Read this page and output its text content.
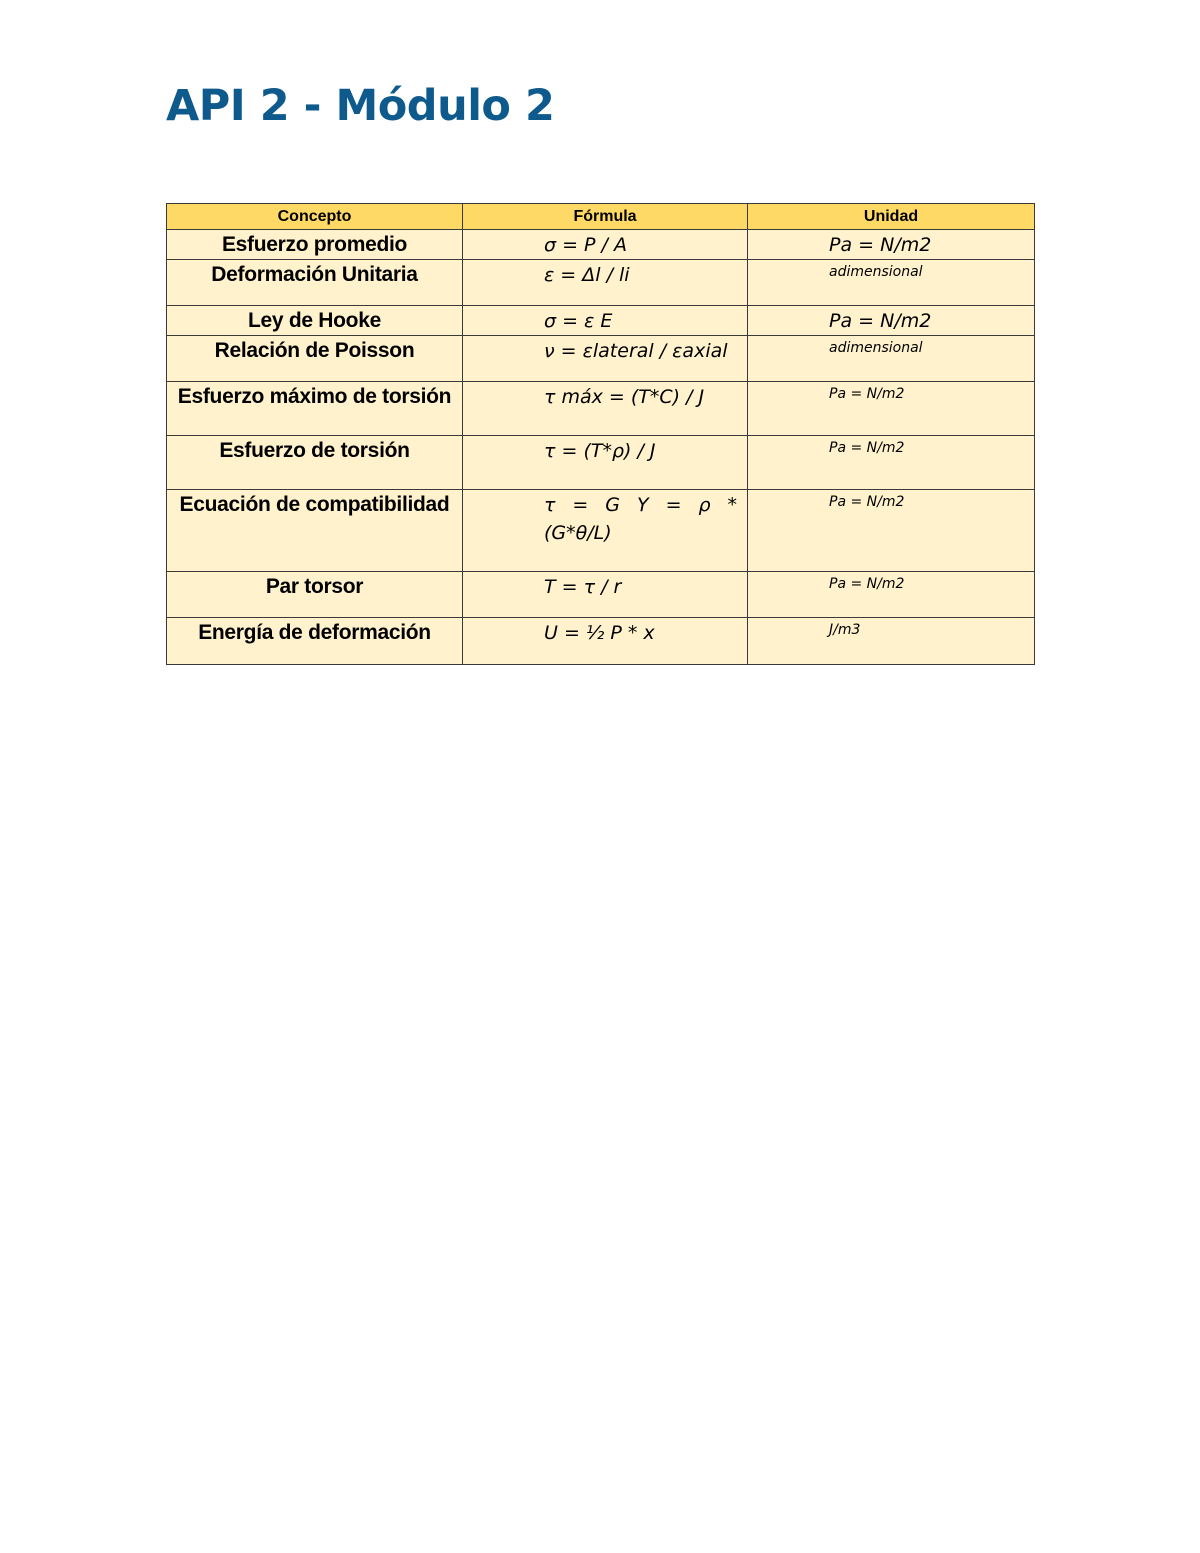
API 2 - Módulo 2
Concepto	Fórmula	Unidad
Esfuerzo promedio	σ = P / A	Pa = N/m2
Deformación Unitaria	ε = Δl / li	adimensional
Ley de Hooke	σ = ε E	Pa = N/m2
Relación de Poisson	ν = εlateral / εaxial	adimensional
Esfuerzo máximo de torsión	τ máx = (T*C) / J	Pa = N/m2
Esfuerzo de torsión	τ = (T*ρ) / J	Pa = N/m2
Ecuación de compatibilidad	τ = G Υ = ρ * (G*θ/L)	Pa = N/m2
Par torsor	T = τ / r	Pa = N/m2
Energía de deformación	U = ½ P * x	J/m3
